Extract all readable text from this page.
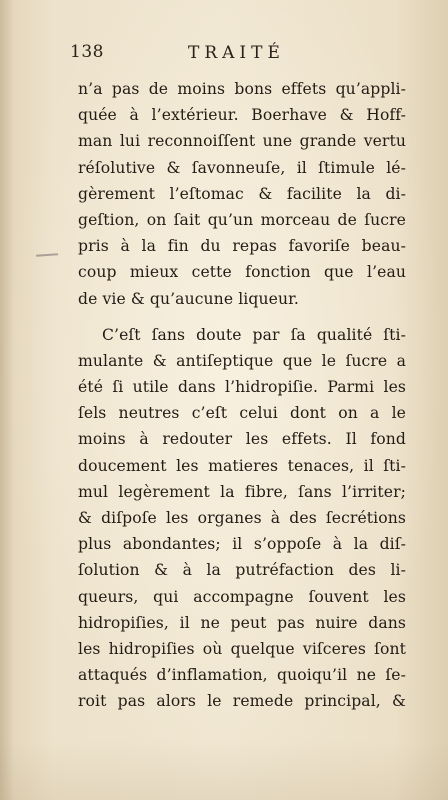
138	TRAITÉ
n’a pas de moins bons effets qu’appli-
quée à l’extérieur. Boerhave & Hoff-
man lui reconnoiſſent une grande vertu
réſolutive & ſavonneuſe, il ſtimule lé-
gèrement l’eſtomac & facilite la di-
geſtion, on ſait qu’un morceau de ſucre
pris à la fin du repas favoriſe beau-
coup mieux cette fonction que l’eau
de vie & qu’aucune liqueur.
C’eſt ſans doute par ſa qualité ſti-
mulante & antiſeptique que le ſucre a
été ſi utile dans l’hidropiſie. Parmi les
ſels neutres c’eſt celui dont on a le
moins à redouter les effets. Il fond
doucement les matieres tenaces, il ſti-
mul legèrement la fibre, ſans l’irriter;
& diſpoſe les organes à des ſecrétions
plus abondantes; il s’oppoſe à la diſ-
ſolution & à la putréfaction des li-
queurs, qui accompagne ſouvent les
hidropiſies, il ne peut pas nuire dans
les hidropiſies où quelque viſceres ſont
attaqués d’inflamation, quoiqu’il ne ſe-
roit pas alors le remede principal, &
